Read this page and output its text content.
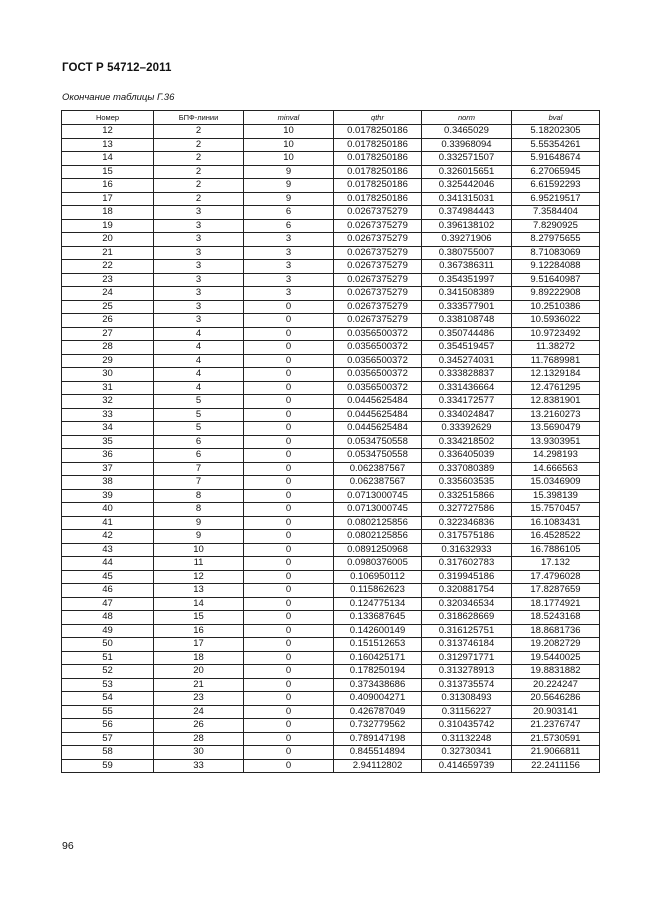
ГОСТ Р 54712–2011
Окончание таблицы Г.36
Номер	БПФ-линии	minval	qthr	norm	bval
12	2	10	0.0178250186	0.3465029	5.18202305
13	2	10	0.0178250186	0.33968094	5.55354261
14	2	10	0.0178250186	0.332571507	5.91648674
15	2	9	0.0178250186	0.326015651	6.27065945
16	2	9	0.0178250186	0.325442046	6.61592293
17	2	9	0.0178250186	0.341315031	6.95219517
18	3	6	0.0267375279	0.374984443	7.3584404
19	3	6	0.0267375279	0.396138102	7.8290925
20	3	3	0.0267375279	0.39271906	8.27975655
21	3	3	0.0267375279	0.380755007	8.71083069
22	3	3	0.0267375279	0.367386311	9.12284088
23	3	3	0.0267375279	0.354351997	9.51640987
24	3	3	0.0267375279	0.341508389	9.89222908
25	3	0	0.0267375279	0.333577901	10.2510386
26	3	0	0.0267375279	0.338108748	10.5936022
27	4	0	0.0356500372	0.350744486	10.9723492
28	4	0	0.0356500372	0.354519457	11.38272
29	4	0	0.0356500372	0.345274031	11.7689981
30	4	0	0.0356500372	0.333828837	12.1329184
31	4	0	0.0356500372	0.331436664	12.4761295
32	5	0	0.0445625484	0.334172577	12.8381901
33	5	0	0.0445625484	0.334024847	13.2160273
34	5	0	0.0445625484	0.33392629	13.5690479
35	6	0	0.0534750558	0.334218502	13.9303951
36	6	0	0.0534750558	0.336405039	14.298193
37	7	0	0.062387567	0.337080389	14.666563
38	7	0	0.062387567	0.335603535	15.0346909
39	8	0	0.0713000745	0.332515866	15.398139
40	8	0	0.0713000745	0.327727586	15.7570457
41	9	0	0.0802125856	0.322346836	16.1083431
42	9	0	0.0802125856	0.317575186	16.4528522
43	10	0	0.0891250968	0.31632933	16.7886105
44	11	0	0.0980376005	0.317602783	17.132
45	12	0	0.106950112	0.319945186	17.4796028
46	13	0	0.115862623	0.320881754	17.8287659
47	14	0	0.124775134	0.320346534	18.1774921
48	15	0	0.133687645	0.318628669	18.5243168
49	16	0	0.142600149	0.316125751	18.8681736
50	17	0	0.151512653	0.313746184	19.2082729
51	18	0	0.160425171	0.312971771	19.5440025
52	20	0	0.178250194	0.313278913	19.8831882
53	21	0	0.373438686	0.313735574	20.224247
54	23	0	0.409004271	0.31308493	20.5646286
55	24	0	0.426787049	0.31156227	20.903141
56	26	0	0.732779562	0.310435742	21.2376747
57	28	0	0.789147198	0.31132248	21.5730591
58	30	0	0.845514894	0.32730341	21.9066811
59	33	0	2.94112802	0.414659739	22.2411156
96
